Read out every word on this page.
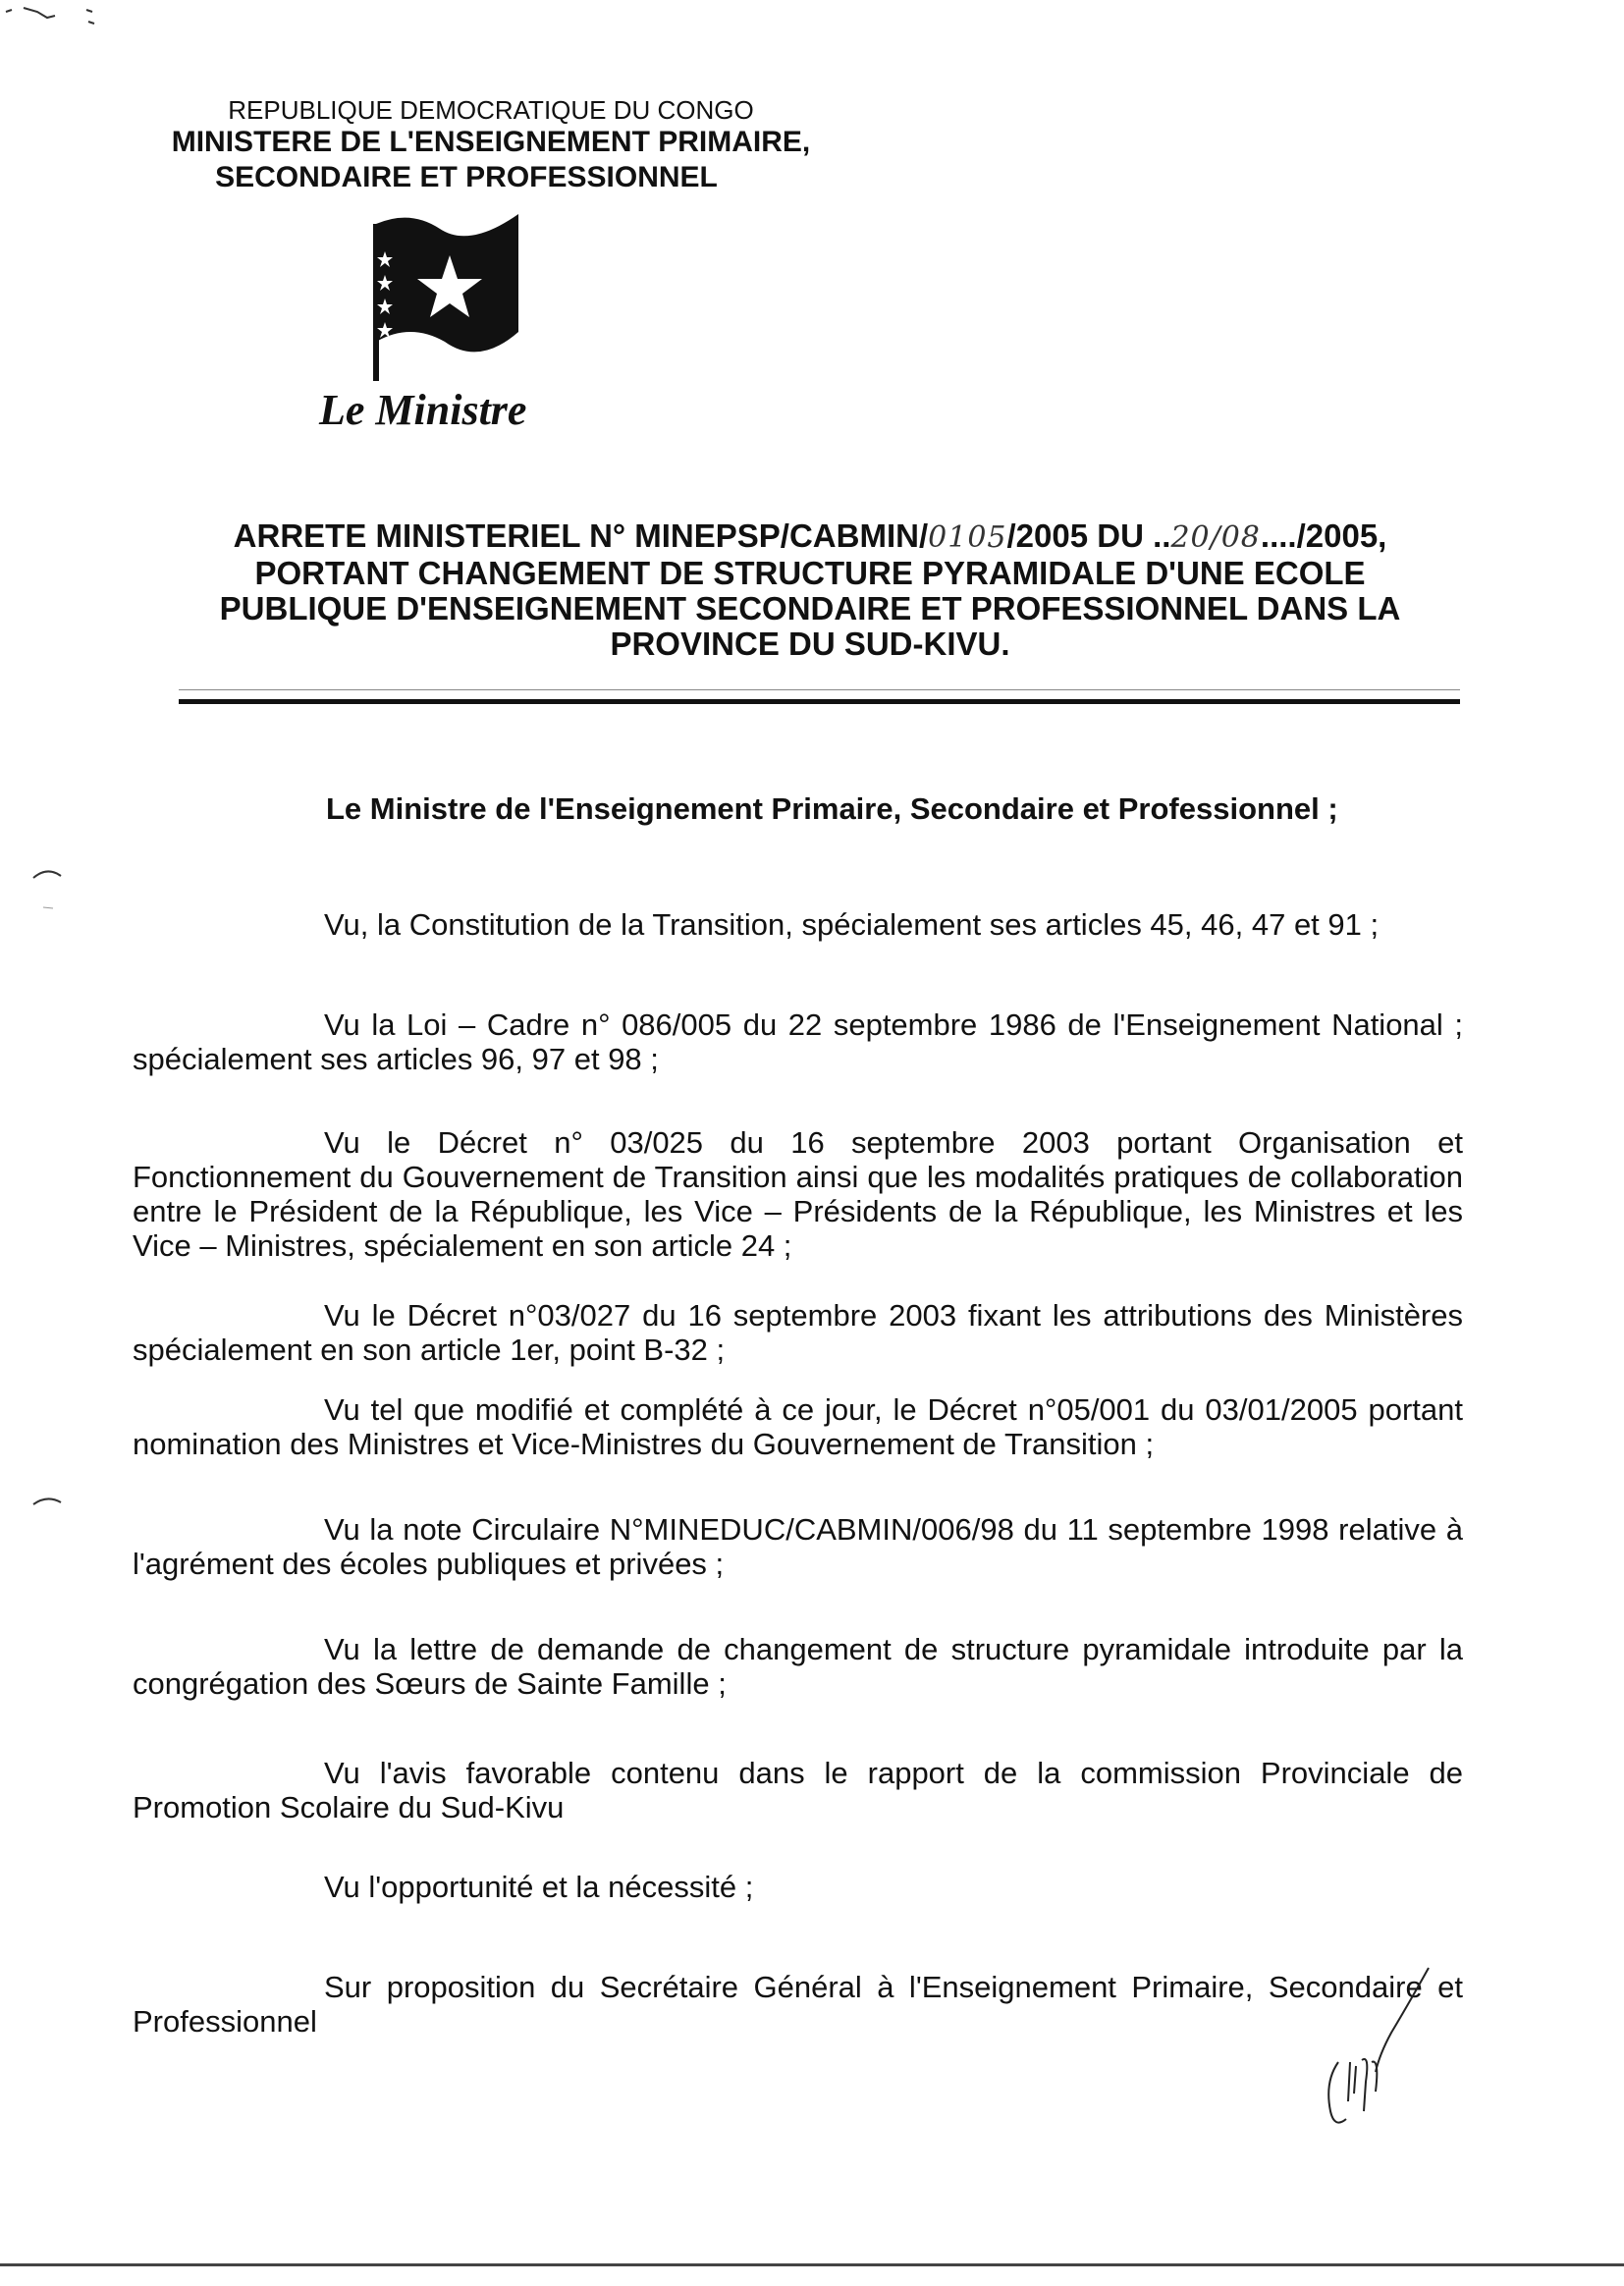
REPUBLIQUE DEMOCRATIQUE DU CONGO
MINISTERE DE L'ENSEIGNEMENT PRIMAIRE,
SECONDAIRE ET PROFESSIONNEL
Le Ministre
ARRETE MINISTERIEL N° MINEPSP/CABMIN/0105/2005 DU ..20/08..../2005,
PORTANT CHANGEMENT DE STRUCTURE PYRAMIDALE D'UNE ECOLE
PUBLIQUE D'ENSEIGNEMENT SECONDAIRE ET PROFESSIONNEL DANS LA
PROVINCE DU SUD-KIVU.
Le Ministre de l'Enseignement Primaire, Secondaire et Professionnel ;

Vu, la Constitution de la Transition, spécialement ses articles 45, 46, 47 et 91 ;

Vu la Loi – Cadre n° 086/005 du 22 septembre 1986 de l'Enseignement National ; spécialement ses articles 96, 97 et 98 ;

Vu le Décret n° 03/025 du 16 septembre 2003 portant Organisation et Fonctionnement du Gouvernement de Transition ainsi que les modalités pratiques de collaboration entre le Président de la République, les Vice – Présidents de la République, les Ministres et les Vice – Ministres, spécialement en son article 24 ;

Vu le Décret n°03/027 du 16 septembre 2003 fixant les attributions des Ministères spécialement en son article 1er, point B-32 ;

Vu tel que modifié et complété à ce jour, le Décret n°05/001 du 03/01/2005 portant nomination des Ministres et Vice-Ministres du Gouvernement de Transition ;

Vu la note Circulaire N°MINEDUC/CABMIN/006/98 du 11 septembre 1998 relative à l'agrément des écoles publiques et privées ;

Vu la lettre de demande de changement de structure pyramidale introduite par la congrégation des Sœurs de Sainte Famille ;

Vu l'avis favorable contenu dans le rapport de la commission Provinciale de Promotion Scolaire du Sud-Kivu

Vu l'opportunité et la nécessité ;

Sur proposition du Secrétaire Général à l'Enseignement Primaire, Secondaire et Professionnel
